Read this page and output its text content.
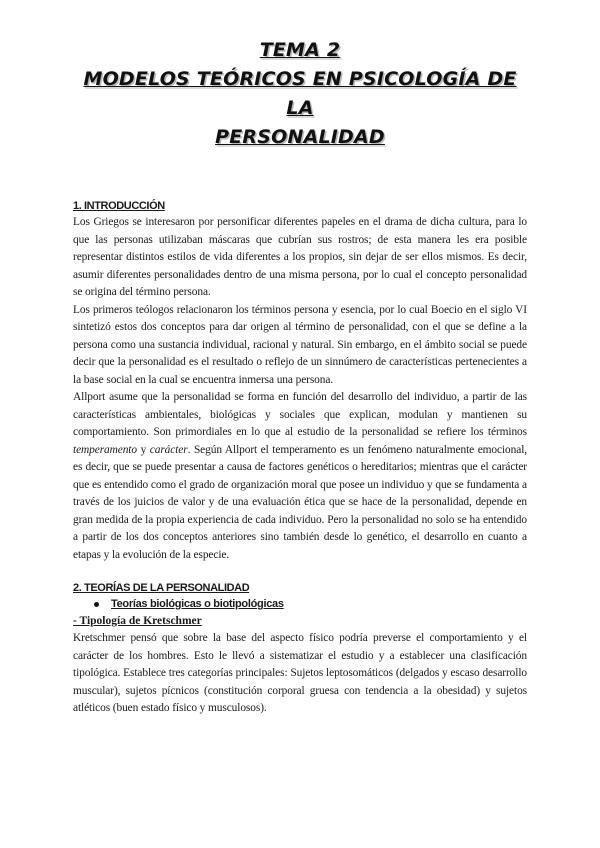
TEMA 2
MODELOS TEÓRICOS EN PSICOLOGÍA DE LA
PERSONALIDAD
1. INTRODUCCIÓN

Los Griegos se interesaron por personificar diferentes papeles en el drama de dicha cultura, para lo que las personas utilizaban máscaras que cubrían sus rostros; de esta manera les era posible representar distintos estilos de vida diferentes a los propios, sin dejar de ser ellos mismos. Es decir, asumir diferentes personalidades dentro de una misma persona, por lo cual el concepto personalidad se origina del término persona.

Los primeros teólogos relacionaron los términos persona y esencia, por lo cual Boecio en el siglo VI sintetizó estos dos conceptos para dar origen al término de personalidad, con el que se define a la persona como una sustancia individual, racional y natural. Sin embargo, en el ámbito social se puede decir que la personalidad es el resultado o reflejo de un sinnúmero de características pertenecientes a la base social en la cual se encuentra inmersa una persona.

Allport asume que la personalidad se forma en función del desarrollo del individuo, a partir de las características ambientales, biológicas y sociales que explican, modulan y mantienen su comportamiento. Son primordiales en lo que al estudio de la personalidad se refiere los términos temperamento y carácter. Según Allport el temperamento es un fenómeno naturalmente emocional, es decir, que se puede presentar a causa de factores genéticos o hereditarios; mientras que el carácter que es entendido como el grado de organización moral que posee un individuo y que se fundamenta a través de los juicios de valor y de una evaluación ética que se hace de la personalidad, depende en gran medida de la propia experiencia de cada individuo. Pero la personalidad no solo se ha entendido a partir de los dos conceptos anteriores sino también desde lo genético, el desarrollo en cuanto a etapas y la evolución de la especie.

2. TEORÍAS DE LA PERSONALIDAD
Teorías biológicas o biotipológicas
- Tipología de Kretschmer

Kretschmer pensó que sobre la base del aspecto físico podría preverse el comportamiento y el carácter de los hombres. Esto le llevó a sistematizar el estudio y a establecer una clasificación tipológica. Establece tres categorías principales: Sujetos leptosomáticos (delgados y escaso desarrollo muscular), sujetos pícnicos (constitución corporal gruesa con tendencia a la obesidad) y sujetos atléticos (buen estado físico y musculosos).
